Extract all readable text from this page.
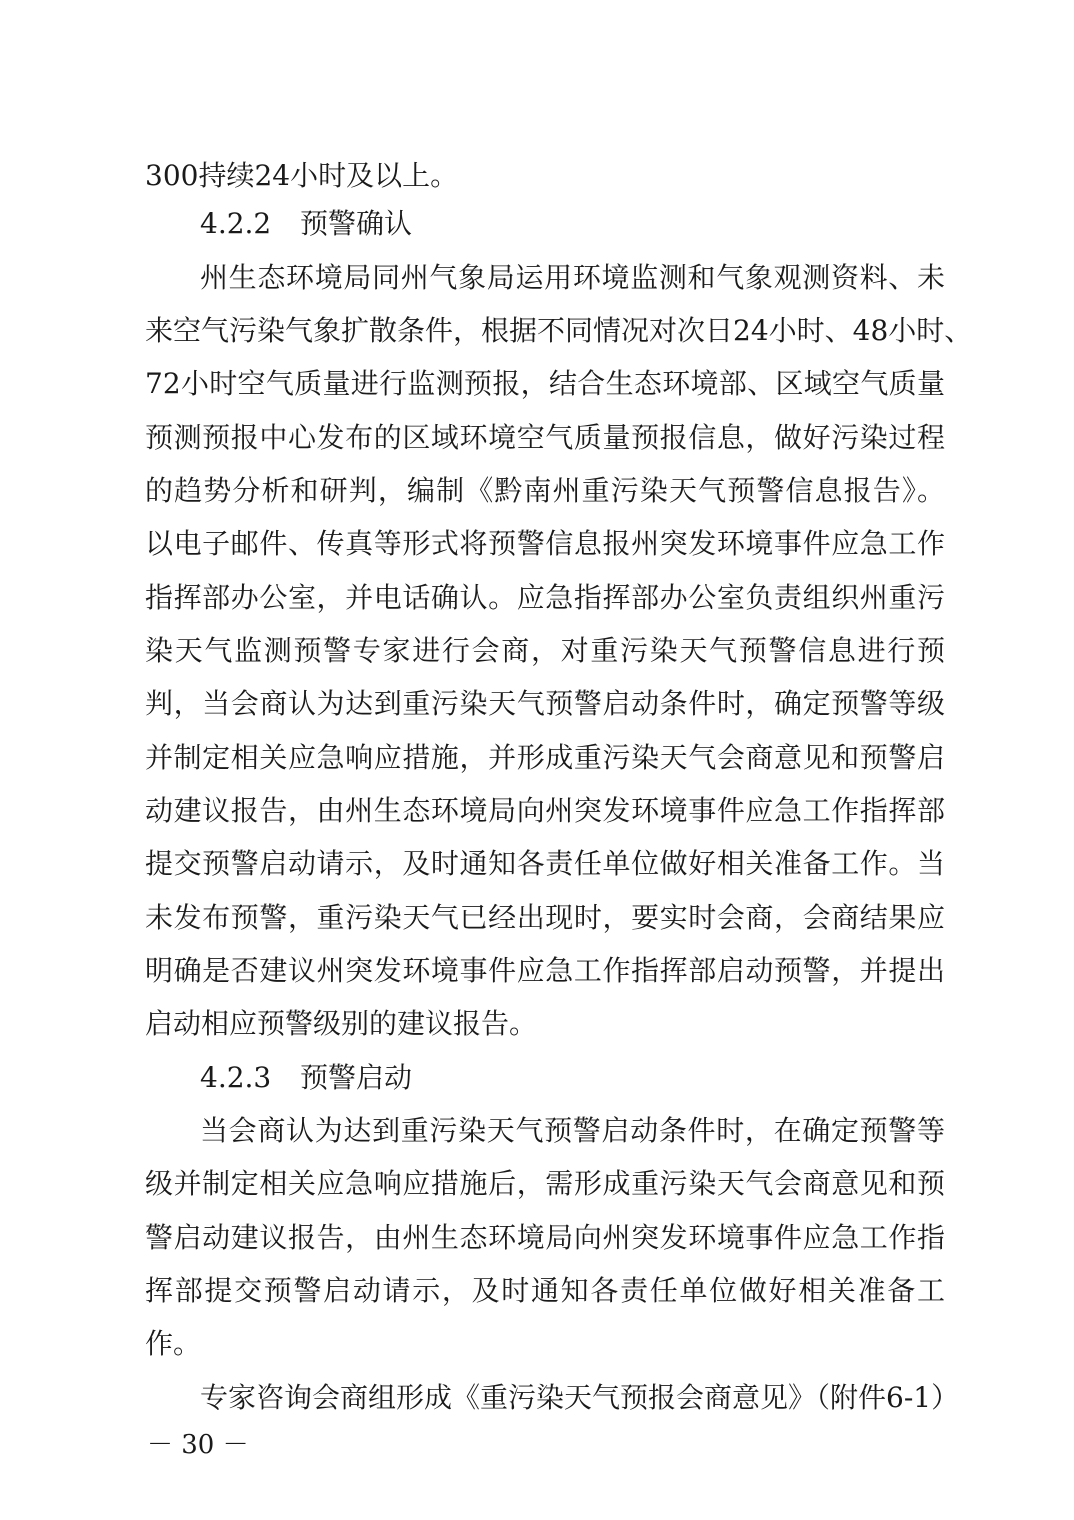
300持续24小时及以上。
4.2.2 预警确认
州生态环境局同州气象局运用环境监测和气象观测资料、未
来空气污染气象扩散条件，根据不同情况对次日24小时、48小时、
72小时空气质量进行监测预报，结合生态环境部、区域空气质量
预测预报中心发布的区域环境空气质量预报信息，做好污染过程
的趋势分析和研判，编制《黔南州重污染天气预警信息报告》。
以电子邮件、传真等形式将预警信息报州突发环境事件应急工作
指挥部办公室，并电话确认。应急指挥部办公室负责组织州重污
染天气监测预警专家进行会商，对重污染天气预警信息进行预
判，当会商认为达到重污染天气预警启动条件时，确定预警等级
并制定相关应急响应措施，并形成重污染天气会商意见和预警启
动建议报告，由州生态环境局向州突发环境事件应急工作指挥部
提交预警启动请示，及时通知各责任单位做好相关准备工作。当
未发布预警，重污染天气已经出现时，要实时会商，会商结果应
明确是否建议州突发环境事件应急工作指挥部启动预警，并提出
启动相应预警级别的建议报告。
4.2.3 预警启动
当会商认为达到重污染天气预警启动条件时，在确定预警等
级并制定相关应急响应措施后，需形成重污染天气会商意见和预
警启动建议报告，由州生态环境局向州突发环境事件应急工作指
挥部提交预警启动请示，及时通知各责任单位做好相关准备工
作。
专家咨询会商组形成《重污染天气预报会商意见》（附件6-1）
－ 30 －
